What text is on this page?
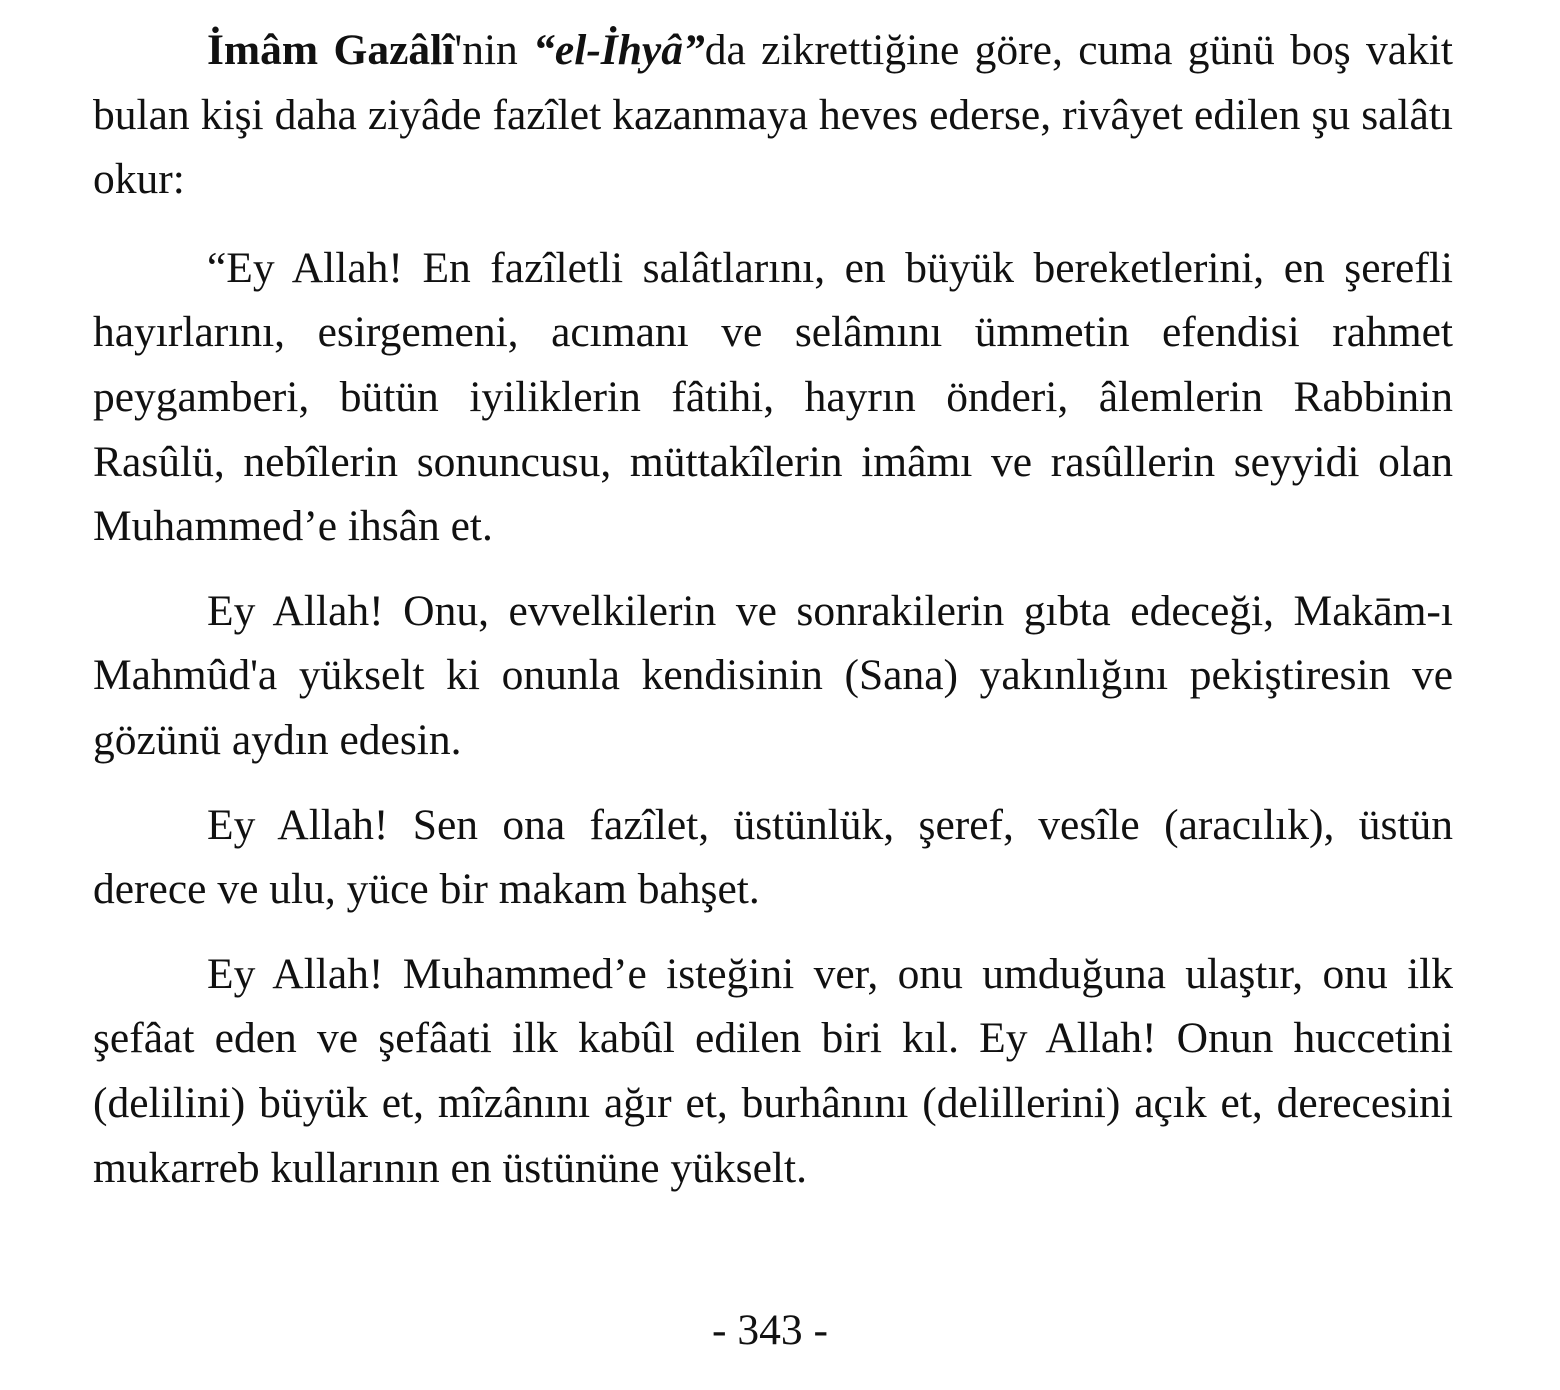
İmâm Gazâlî'nin “el-İhyâ”da zikrettiğine göre, cuma günü boş vakit bulan kişi daha ziyâde fazîlet kazanmaya heves ederse, rivâyet edilen şu salâtı okur:

“Ey Allah! En fazîletli salâtlarını, en büyük bereketlerini, en şerefli hayırlarını, esirgemeni, acımanı ve selâmını ümmetin efendisi rahmet peygamberi, bütün iyiliklerin fâtihi, hayrın önderi, âlemlerin Rabbinin Rasûlü, nebîlerin sonuncusu, müttakîlerin imâmı ve rasûllerin seyyidi olan Muhammed’e ihsân et.

Ey Allah! Onu, evvelkilerin ve sonrakilerin gıbta edeceği, Makām-ı Mahmûd'a yükselt ki onunla kendisinin (Sana) yakınlığını pekiştiresin ve gözünü aydın edesin.

Ey Allah! Sen ona fazîlet, üstünlük, şeref, vesîle (aracılık), üstün derece ve ulu, yüce bir makam bahşet.

Ey Allah! Muhammed’e isteğini ver, onu umduğuna ulaştır, onu ilk şefâat eden ve şefâati ilk kabûl edilen biri kıl. Ey Allah! Onun huccetini (delilini) büyük et, mîzânını ağır et, burhânını (delillerini) açık et, derecesini mukarreb kullarının en üstününe yükselt.

- 343 -
